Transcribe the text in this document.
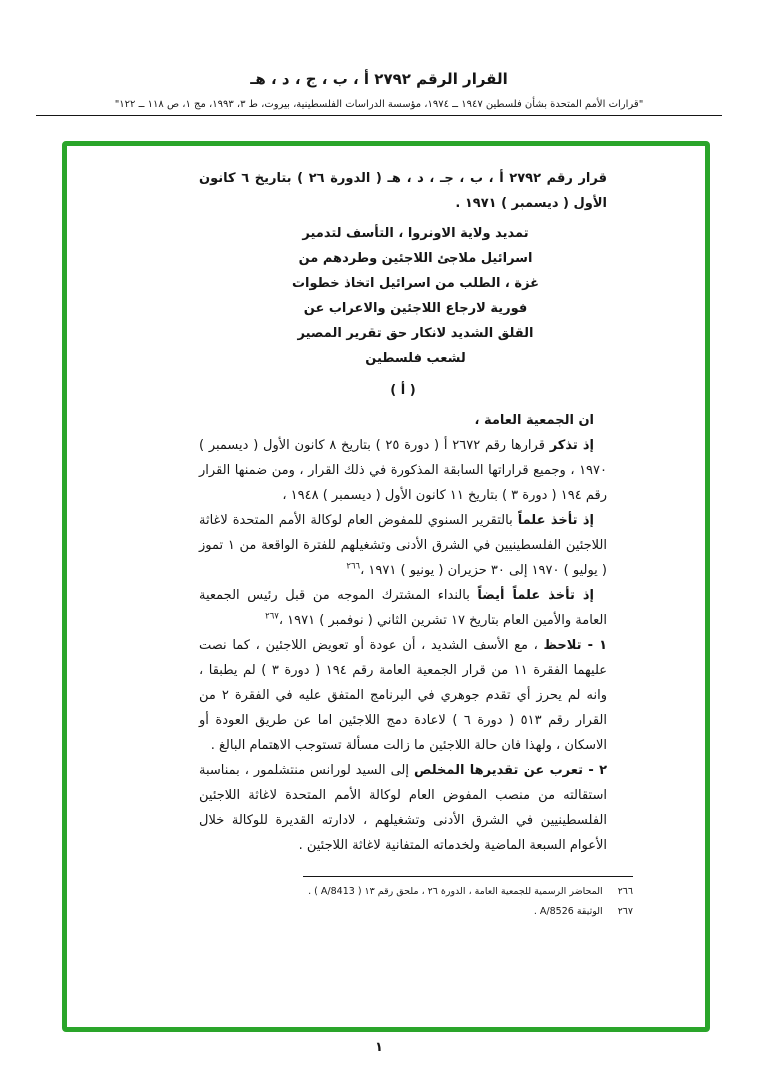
القرار الرقم ٢٧٩٢ أ ، ب ، ج ، د ، هـ
"قرارات الأمم المتحدة بشأن فلسطين ١٩٤٧ ــ ١٩٧٤، مؤسسة الدراسات الفلسطينية، بيروت، ط ٣، ١٩٩٣، مج ١، ص ١١٨ ــ ١٢٢"

قرار رقم ٢٧٩٢ أ ، ب ، جـ ، د ، هـ ( الدورة ٢٦ ) بتاريخ ٦ كانون الأول ( ديسمبر ) ١٩٧١ .

تمديد ولاية الاونروا ، التأسف لتدمير
اسرائيل ملاجئ اللاجئين وطردهم من
غزة ، الطلب من اسرائيل اتخاذ خطوات
فورية لارجاع اللاجئين والاعراب عن
القلق الشديد لانكار حق تقرير المصير
لشعب فلسطين
( أ )

ان الجمعية العامة ،

إذ تذكر قرارها رقم ٢٦٧٢ أ ( دورة ٢٥ ) بتاريخ ٨ كانون الأول ( ديسمبر ) ١٩٧٠ ، وجميع قراراتها السابقة المذكورة في ذلك القرار ، ومن ضمنها القرار رقم ١٩٤ ( دورة ٣ ) بتاريخ ١١ كانون الأول ( ديسمبر ) ١٩٤٨ ،

إذ تأخذ علماً بالتقرير السنوي للمفوض العام لوكالة الأمم المتحدة لاغاثة اللاجئين الفلسطينيين في الشرق الأدنى وتشغيلهم للفترة الواقعة من ١ تموز ( يوليو ) ١٩٧٠ إلى ٣٠ حزيران ( يونيو ) ١٩٧١ ،$^{٢٦٦}$

إذ تأخذ علماً أيضاً بالنداء المشترك الموجه من قبل رئيس الجمعية العامة والأمين العام بتاريخ ١٧ تشرين الثاني ( نوفمبر ) ١٩٧١ ،$^{٢٦٧}$

١ - تلاحظ ، مع الأسف الشديد ، أن عودة أو تعويض اللاجئين ، كما نصت عليهما الفقرة ١١ من قرار الجمعية العامة رقم ١٩٤ ( دورة ٣ ) لم يطبقا ، وانه لم يحرز أي تقدم جوهري في البرنامج المتفق عليه في الفقرة ٢ من القرار رقم ٥١٣ ( دورة ٦ ) لاعادة دمج اللاجئين اما عن طريق العودة أو الاسكان ، ولهذا فان حالة اللاجئين ما زالت مسألة تستوجب الاهتمام البالغ .

٢ - تعرب عن تقديرها المخلص إلى السيد لورانس منتشلمور ، بمناسبة استقالته من منصب المفوض العام لوكالة الأمم المتحدة لاغاثة اللاجئين الفلسطينيين في الشرق الأدنى وتشغيلهم ، لادارته القديرة للوكالة خلال الأعوام السبعة الماضية ولخدماته المتفانية لاغاثة اللاجئين .

٢٦٦
المحاضر الرسمية للجمعية العامة ، الدورة ٢٦ ، ملحق رقم ١٣ ( A/8413 ) .
٢٦٧
الوثيقة A/8526 .
١
